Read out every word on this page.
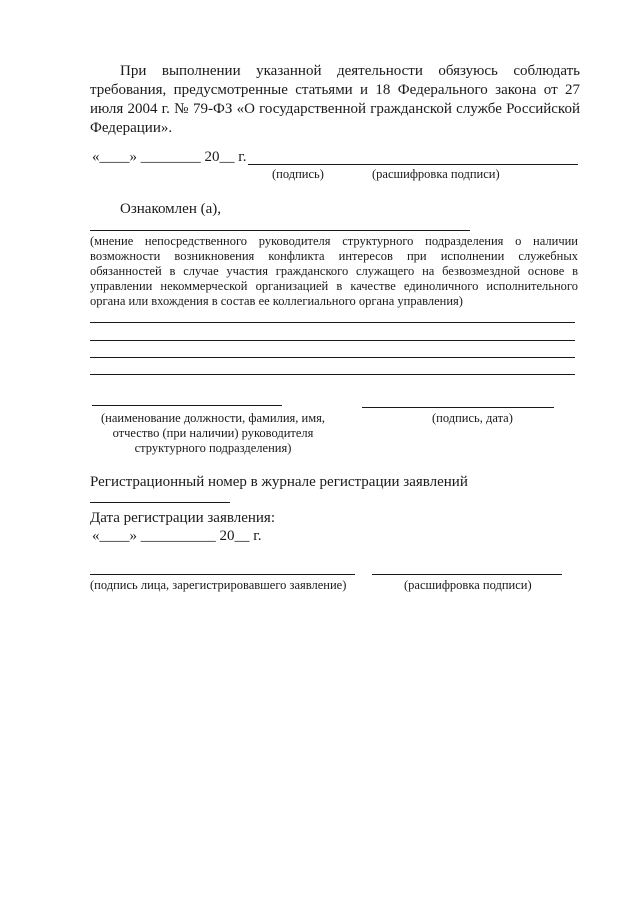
При выполнении указанной деятельности обязуюсь соблюдать требования, предусмотренные статьями и 18 Федерального закона от 27 июля 2004 г. № 79-ФЗ «О государственной гражданской службе Российской Федерации».
«____» ________ 20__ г.
(подпись)	(расшифровка подписи)
Ознакомлен (а),
(мнение непосредственного руководителя структурного подразделения о наличии возможности возникновения конфликта интересов при исполнении служебных обязанностей в случае участия гражданского служащего на безвозмездной основе в управлении некоммерческой организацией в качестве единоличного исполнительного органа или вхождения в состав ее коллегиального органа управления)
(наименование должности, фамилия, имя, отчество (при наличии) руководителя структурного подразделения)
(подпись, дата)
Регистрационный номер в журнале регистрации заявлений
Дата регистрации заявления:
«____» __________ 20__ г.
(подпись лица, зарегистрировавшего заявление)	(расшифровка подписи)
